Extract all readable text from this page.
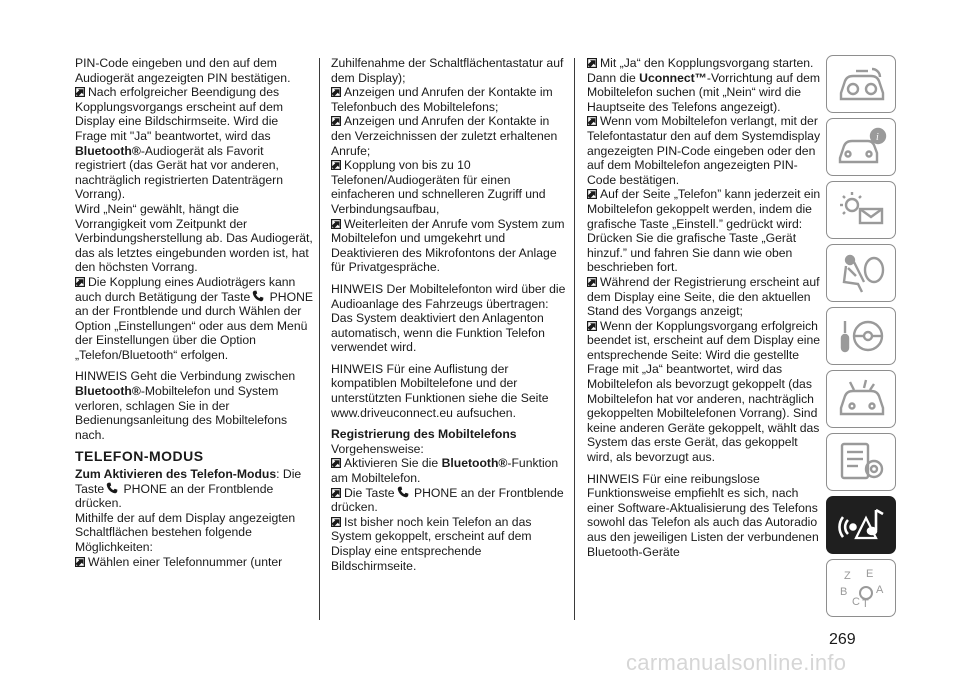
PIN-Code eingeben und den auf dem Audiogerät angezeigten PIN bestätigen.

Nach erfolgreicher Beendigung des Kopplungsvorgangs erscheint auf dem Display eine Bildschirmseite. Wird die Frage mit "Ja" beantwortet, wird das Bluetooth®-Audiogerät als Favorit registriert (das Gerät hat vor anderen, nachträglich registrierten Datenträgern Vorrang).

Wird „Nein“ gewählt, hängt die Vorrangigkeit vom Zeitpunkt der Verbindungsherstellung ab. Das Audiogerät, das als letztes eingebunden worden ist, hat den höchsten Vorrang.

Die Kopplung eines Audioträgers kann auch durch Betätigung der Taste PHONE an der Frontblende und durch Wählen der Option „Einstellungen“ oder aus dem Menü der Einstellungen über die Option „Telefon/Bluetooth“ erfolgen.

HINWEIS Geht die Verbindung zwischen Bluetooth®-Mobiltelefon und System verloren, schlagen Sie in der Bedienungsanleitung des Mobiltelefons nach.

TELEFON-MODUS

Zum Aktivieren des Telefon-Modus: Die Taste PHONE an der Frontblende drücken.

Mithilfe der auf dem Display angezeigten Schaltflächen bestehen folgende Möglichkeiten:

Wählen einer Telefonnummer (unter

Zuhilfenahme der Schaltflächentastatur auf dem Display);

Anzeigen und Anrufen der Kontakte im Telefonbuch des Mobiltelefons;

Anzeigen und Anrufen der Kontakte in den Verzeichnissen der zuletzt erhaltenen Anrufe;

Kopplung von bis zu 10 Telefonen/Audiogeräten für einen einfacheren und schnelleren Zugriff und Verbindungsaufbau,

Weiterleiten der Anrufe vom System zum Mobiltelefon und umgekehrt und Deaktivieren des Mikrofontons der Anlage für Privatgespräche.

HINWEIS Der Mobiltelefonton wird über die Audioanlage des Fahrzeugs übertragen: Das System deaktiviert den Anlagenton automatisch, wenn die Funktion Telefon verwendet wird.

HINWEIS Für eine Auflistung der kompatiblen Mobiltelefone und der unterstützten Funktionen siehe die Seite www.driveuconnect.eu aufsuchen.

Registrierung des Mobiltelefons

Vorgehensweise:

Aktivieren Sie die Bluetooth®-Funktion am Mobiltelefon.

Die Taste PHONE an der Frontblende drücken.

Ist bisher noch kein Telefon an das System gekoppelt, erscheint auf dem Display eine entsprechende Bildschirmseite.

Mit „Ja“ den Kopplungsvorgang starten. Dann die Uconnect™-Vorrichtung auf dem Mobiltelefon suchen (mit „Nein“ wird die Hauptseite des Telefons angezeigt).

Wenn vom Mobiltelefon verlangt, mit der Telefontastatur den auf dem Systemdisplay angezeigten PIN-Code eingeben oder den auf dem Mobiltelefon angezeigten PIN-Code bestätigen.

Auf der Seite „Telefon” kann jederzeit ein Mobiltelefon gekoppelt werden, indem die grafische Taste „Einstell.” gedrückt wird: Drücken Sie die grafische Taste „Gerät hinzuf.” und fahren Sie dann wie oben beschrieben fort.

Während der Registrierung erscheint auf dem Display eine Seite, die den aktuellen Stand des Vorgangs anzeigt;

Wenn der Kopplungsvorgang erfolgreich beendet ist, erscheint auf dem Display eine entsprechende Seite: Wird die gestellte Frage mit „Ja“ beantwortet, wird das Mobiltelefon als bevorzugt gekoppelt (das Mobiltelefon hat vor anderen, nachträglich gekoppelten Mobiltelefonen Vorrang). Sind keine anderen Geräte gekoppelt, wählt das System das erste Gerät, das gekoppelt wird, als bevorzugt aus.

HINWEIS Für eine reibungslose Funktionsweise empfiehlt es sich, nach einer Software-Aktualisierung des Telefons sowohl das Telefon als auch das Autoradio aus den jeweiligen Listen der verbundenen Bluetooth-Geräte

i
Z E
B	A
C T
269
carmanualsonline.info
